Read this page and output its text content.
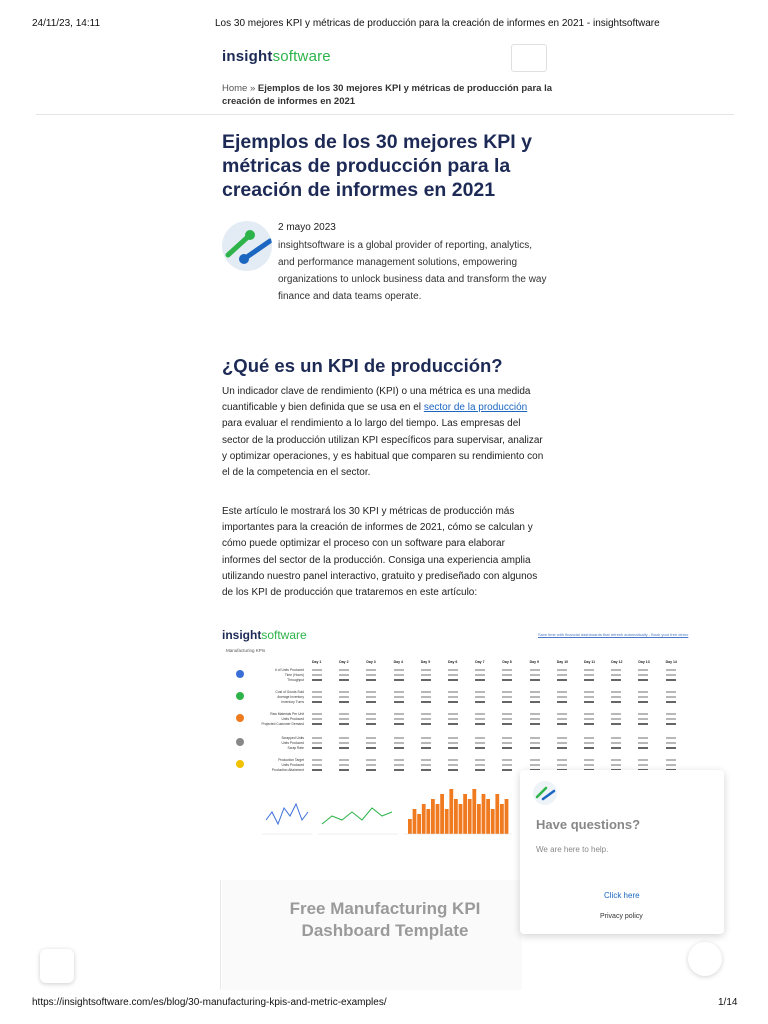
24/11/23, 14:11	Los 30 mejores KPI y métricas de producción para la creación de informes en 2021 - insightsoftware
insightsoftware
Home » Ejemplos de los 30 mejores KPI y métricas de producción para la creación de informes en 2021
Ejemplos de los 30 mejores KPI y métricas de producción para la creación de informes en 2021
2 mayo 2023
insightsoftware is a global provider of reporting, analytics, and performance management solutions, empowering organizations to unlock business data and transform the way finance and data teams operate.
¿Qué es un KPI de producción?
Un indicador clave de rendimiento (KPI) o una métrica es una medida cuantificable y bien definida que se usa en el sector de la producción para evaluar el rendimiento a lo largo del tiempo. Las empresas del sector de la producción utilizan KPI específicos para supervisar, analizar y optimizar operaciones, y es habitual que comparen su rendimiento con el de la competencia en el sector.
Este artículo le mostrará los 30 KPI y métricas de producción más importantes para la creación de informes de 2021, cómo se calculan y cómo puede optimizar el proceso con un software para elaborar informes del sector de la producción. Consiga una experiencia amplia utilizando nuestro panel interactivo, gratuito y prediseñado con algunos de los KPI de producción que trataremos en este artículo:
insightsoftware
Manufacturing KPIs
Save time with financial dashboards that refresh automatically - Book your free demo
Day 1	Day 2	Day 3	Day 4	Day 5	Day 6	Day 7	Day 8	Day 9	Day 10	Day 11	Day 12	Day 13	Day 14
# of Units Produced
Time (Hours)
Throughput
Cost of Goods Sold
Average Inventory
Inventory Turns
Raw Materials Per Unit
Units Produced
Projected Customer Demand
Scrapped Units
Units Produced
Scrap Rate
Production Target
Units Produced
Production Attainment
Free Manufacturing KPI Dashboard Template
Have questions?
We are here to help.
Click here
Privacy policy
https://insightsoftware.com/es/blog/30-manufacturing-kpis-and-metric-examples/	1/14
